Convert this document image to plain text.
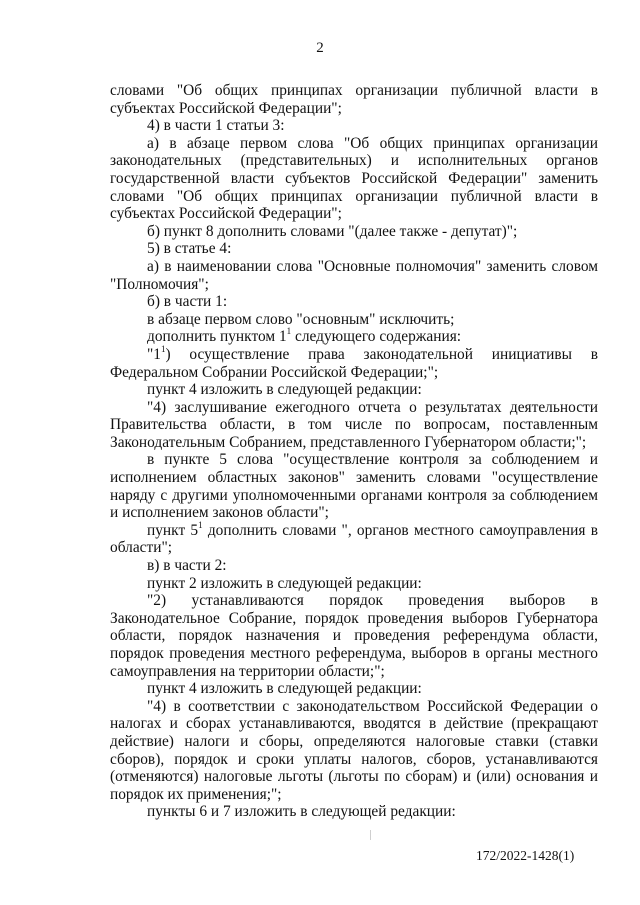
2

словами "Об общих принципах организации публичной власти в субъектах Российской Федерации";

4) в части 1 статьи 3:

а) в абзаце первом слова "Об общих принципах организации законодательных (представительных) и исполнительных органов государственной власти субъектов Российской Федерации" заменить словами "Об общих принципах организации публичной власти в субъектах Российской Федерации";

б) пункт 8 дополнить словами "(далее также - депутат)";

5) в статье 4:

а) в наименовании слова "Основные полномочия" заменить словом "Полномочия";

б) в части 1:

в абзаце первом слово "основным" исключить;

дополнить пунктом $1^1$ следующего содержания:

"$1^1$) осуществление права законодательной инициативы в Федеральном Собрании Российской Федерации;";

пункт 4 изложить в следующей редакции:

"4) заслушивание ежегодного отчета о результатах деятельности Правительства области, в том числе по вопросам, поставленным Законодательным Собранием, представленного Губернатором области;";

в пункте 5 слова "осуществление контроля за соблюдением и исполнением областных законов" заменить словами "осуществление наряду с другими уполномоченными органами контроля за соблюдением и исполнением законов области";

пункт $5^1$ дополнить словами ", органов местного самоуправления в области";

в) в части 2:

пункт 2 изложить в следующей редакции:

"2) устанавливаются порядок проведения выборов в Законодательное Собрание, порядок проведения выборов Губернатора области, порядок назначения и проведения референдума области, порядок проведения местного референдума, выборов в органы местного самоуправления на территории области;";

пункт 4 изложить в следующей редакции:

"4) в соответствии с законодательством Российской Федерации о налогах и сборах устанавливаются, вводятся в действие (прекращают действие) налоги и сборы, определяются налоговые ставки (ставки сборов), порядок и сроки уплаты налогов, сборов, устанавливаются (отменяются) налоговые льготы (льготы по сборам) и (или) основания и порядок их применения;";

пункты 6 и 7 изложить в следующей редакции:

172/2022-1428(1)
